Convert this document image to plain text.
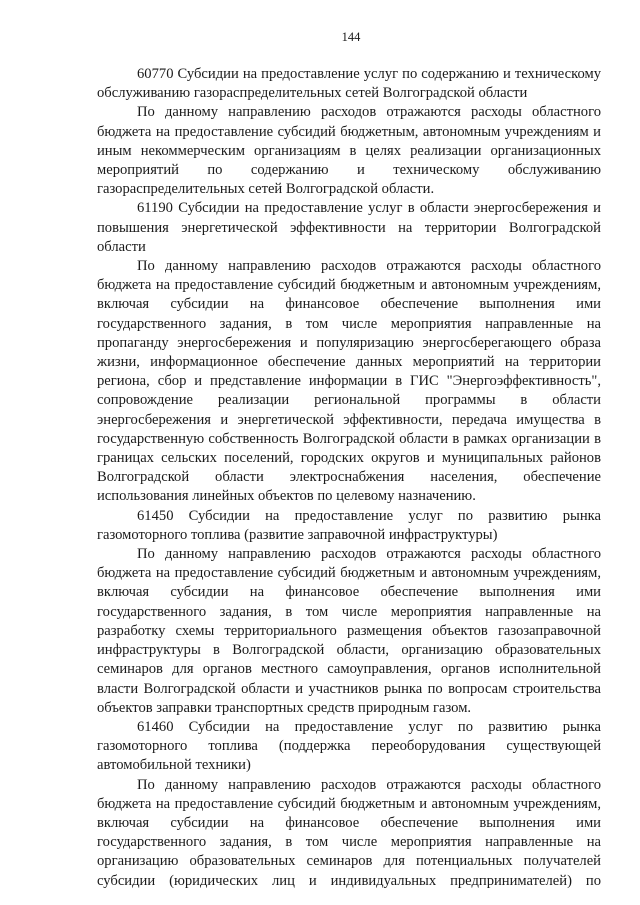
144

60770 Субсидии на предоставление услуг по содержанию и техническому обслуживанию газораспределительных сетей Волгоградской области

По данному направлению расходов отражаются расходы областного бюджета на предоставление субсидий бюджетным, автономным учреждениям и иным некоммерческим организациям в целях реализации организационных мероприятий по содержанию и техническому обслуживанию газораспределительных сетей Волгоградской области.

61190 Субсидии на предоставление услуг в области энергосбережения и повышения энергетической эффективности на территории Волгоградской области

По данному направлению расходов отражаются расходы областного бюджета на предоставление субсидий бюджетным и автономным учреждениям, включая субсидии на финансовое обеспечение выполнения ими государственного задания, в том числе мероприятия направленные на пропаганду энергосбережения и популяризацию энергосберегающего образа жизни, информационное обеспечение данных мероприятий на территории региона, сбор и представление информации в ГИС "Энергоэффективность", сопровождение реализации региональной программы в области энергосбережения и энергетической эффективности, передача имущества в государственную собственность Волгоградской области в рамках организации в границах сельских поселений, городских округов и муниципальных районов Волгоградской области электроснабжения населения, обеспечение использования линейных объектов по целевому назначению.

61450 Субсидии на предоставление услуг по развитию рынка газомоторного топлива (развитие заправочной инфраструктуры)

По данному направлению расходов отражаются расходы областного бюджета на предоставление субсидий бюджетным и автономным учреждениям, включая субсидии на финансовое обеспечение выполнения ими государственного задания, в том числе мероприятия направленные на разработку схемы территориального размещения объектов газозаправочной инфраструктуры в Волгоградской области, организацию образовательных семинаров для органов местного самоуправления, органов исполнительной власти Волгоградской области и участников рынка по вопросам строительства объектов заправки транспортных средств природным газом.

61460 Субсидии на предоставление услуг по развитию рынка газомоторного топлива (поддержка переоборудования существующей автомобильной техники)

По данному направлению расходов отражаются расходы областного бюджета на предоставление субсидий бюджетным и автономным учреждениям, включая субсидии на финансовое обеспечение выполнения ими государственного задания, в том числе мероприятия направленные на организацию образовательных семинаров для потенциальных получателей субсидии (юридических лиц и индивидуальных предпринимателей) по
